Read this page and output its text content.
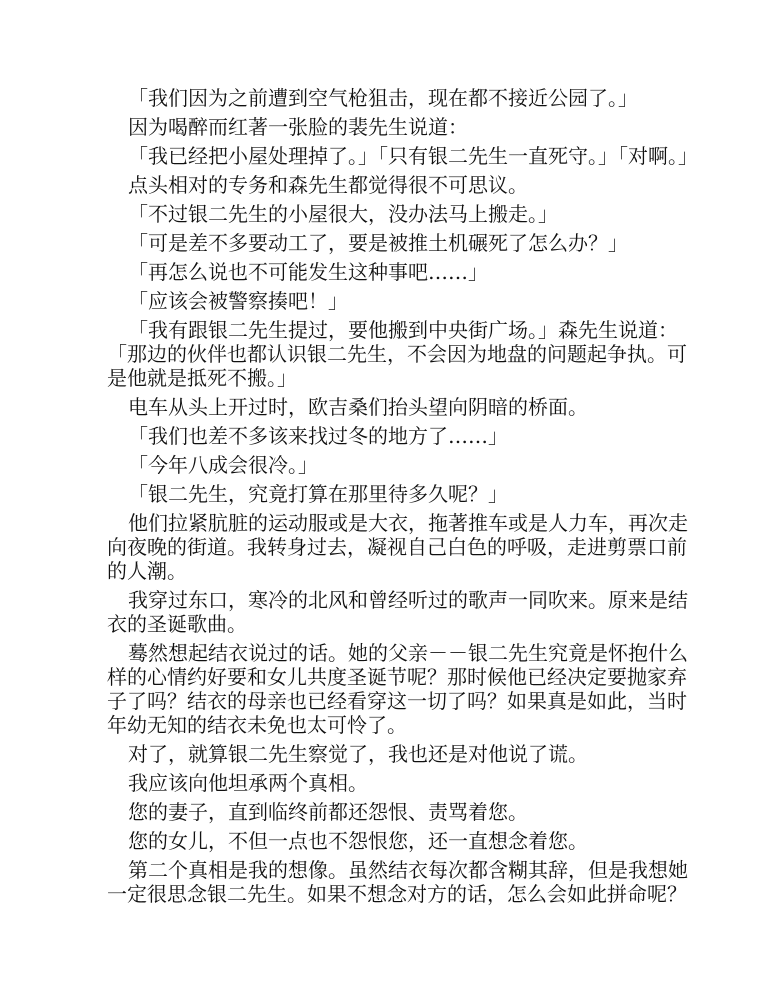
「我们因为之前遭到空气枪狙击，现在都不接近公园了。」

因为喝醉而红著一张脸的裴先生说道：

「我已经把小屋处理掉了。」「只有银二先生一直死守。」「对啊。」

点头相对的专务和森先生都觉得很不可思议。

「不过银二先生的小屋很大，没办法马上搬走。」

「可是差不多要动工了，要是被推土机碾死了怎么办？」

「再怎么说也不可能发生这种事吧……」

「应该会被警察揍吧！」

「我有跟银二先生提过，要他搬到中央街广场。」森先生说道：「那边的伙伴也都认识银二先生，不会因为地盘的问题起争执。可是他就是抵死不搬。」

电车从头上开过时，欧吉桑们抬头望向阴暗的桥面。

「我们也差不多该来找过冬的地方了……」

「今年八成会很冷。」

「银二先生，究竟打算在那里待多久呢？」

他们拉紧肮脏的运动服或是大衣，拖著推车或是人力车，再次走向夜晚的街道。我转身过去，凝视自己白色的呼吸，走进剪票口前的人潮。

我穿过东口，寒冷的北风和曾经听过的歌声一同吹来。原来是结衣的圣诞歌曲。

蓦然想起结衣说过的话。她的父亲－－银二先生究竟是怀抱什么样的心情约好要和女儿共度圣诞节呢？那时候他已经决定要抛家弃子了吗？结衣的母亲也已经看穿这一切了吗？如果真是如此，当时年幼无知的结衣未免也太可怜了。

对了，就算银二先生察觉了，我也还是对他说了谎。

我应该向他坦承两个真相。

您的妻子，直到临终前都还怨恨、责骂着您。

您的女儿，不但一点也不怨恨您，还一直想念着您。

第二个真相是我的想像。虽然结衣每次都含糊其辞，但是我想她一定很思念银二先生。如果不想念对方的话，怎么会如此拼命呢？
